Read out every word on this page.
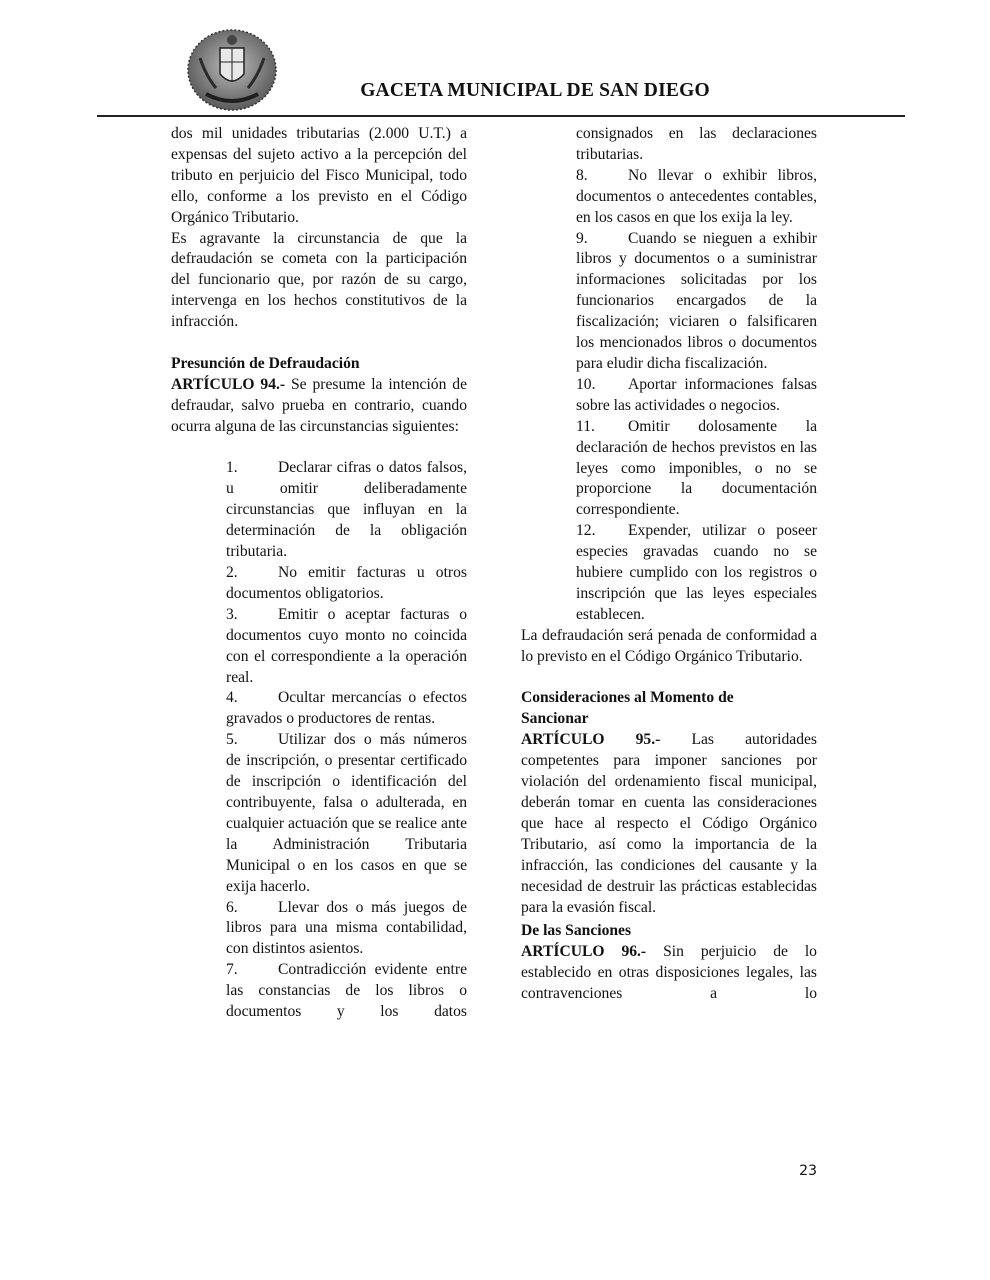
GACETA MUNICIPAL DE SAN DIEGO

dos mil unidades tributarias (2.000 U.T.) a expensas del sujeto activo a la percepción del tributo en perjuicio del Fisco Municipal, todo ello, conforme a los previsto en el Código Orgánico Tributario.

Es agravante la circunstancia de que la defraudación se cometa con la participación del funcionario que, por razón de su cargo, intervenga en los hechos constitutivos de la infracción.

Presunción de Defraudación

ARTÍCULO 94.- Se presume la intención de defraudar, salvo prueba en contrario, cuando ocurra alguna de las circunstancias siguientes:

1.	Declarar cifras o datos falsos, u omitir deliberadamente circunstancias que influyan en la determinación de la obligación tributaria.

2.	No emitir facturas u otros documentos obligatorios.

3.	Emitir o aceptar facturas o documentos cuyo monto no coincida con el correspondiente a la operación real.

4.	Ocultar mercancías o efectos gravados o productores de rentas.

5.	Utilizar dos o más números de inscripción, o presentar certificado de inscripción o identificación del contribuyente, falsa o adulterada, en cualquier actuación que se realice ante la Administración Tributaria Municipal o en los casos en que se exija hacerlo.

6.	Llevar dos o más juegos de libros para una misma contabilidad, con distintos asientos.

7.	Contradicción evidente entre las constancias de los libros o documentos y los datos

consignados en las declaraciones tributarias.

8.	No llevar o exhibir libros, documentos o antecedentes contables, en los casos en que los exija la ley.

9.	Cuando se nieguen a exhibir libros y documentos o a suministrar informaciones solicitadas por los funcionarios encargados de la fiscalización; viciaren o falsificaren los mencionados libros o documentos para eludir dicha fiscalización.

10. Aportar informaciones falsas sobre las actividades o negocios.

11. Omitir dolosamente la declaración de hechos previstos en las leyes como imponibles, o no se proporcione la documentación correspondiente.

12. Expender, utilizar o poseer especies gravadas cuando no se hubiere cumplido con los registros o inscripción que las leyes especiales establecen.

La defraudación será penada de conformidad a lo previsto en el Código Orgánico Tributario.

Consideraciones al Momento de

Sancionar

ARTÍCULO 95.- Las autoridades competentes para imponer sanciones por violación del ordenamiento fiscal municipal, deberán tomar en cuenta las consideraciones que hace al respecto el Código Orgánico Tributario, así como la importancia de la infracción, las condiciones del causante y la necesidad de destruir las prácticas establecidas para la evasión fiscal.

De las Sanciones

ARTÍCULO 96.- Sin perjuicio de lo establecido en otras disposiciones legales, las contravenciones a lo

23
